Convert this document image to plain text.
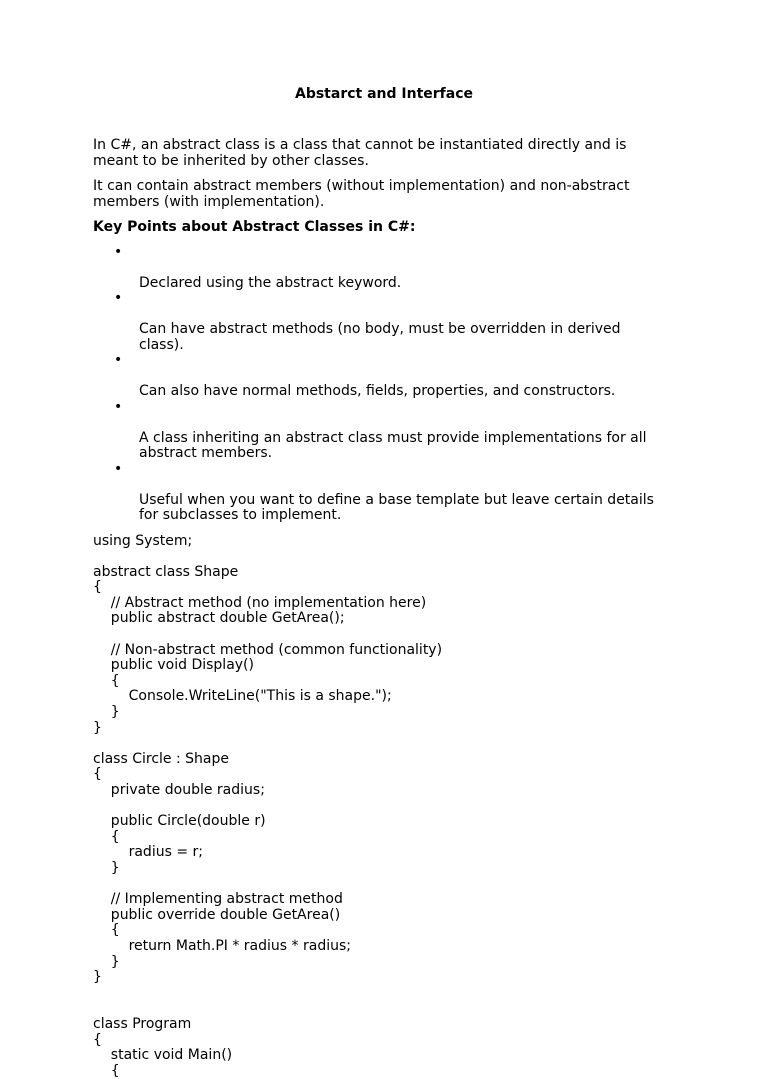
Abstarct and Interface

In C#, an abstract class is a class that cannot be instantiated directly and is
meant to be inherited by other classes.

It can contain abstract members (without implementation) and non-abstract
members (with implementation).

Key Points about Abstract Classes in C#:

•

Declared using the abstract keyword.

•

Can have abstract methods (no body, must be overridden in derived
class).

•

Can also have normal methods, fields, properties, and constructors.

•

A class inheriting an abstract class must provide implementations for all
abstract members.

•

Useful when you want to define a base template but leave certain details
for subclasses to implement.

using System;

abstract class Shape
{
// Abstract method (no implementation here)
public abstract double GetArea();

// Non-abstract method (common functionality)
public void Display()
{
Console.WriteLine("This is a shape.");
}
}

class Circle : Shape
{
private double radius;

public Circle(double r)
{
radius = r;
}

// Implementing abstract method
public override double GetArea()
{
return Math.PI * radius * radius;
}
}

class Program
{
static void Main()
{
